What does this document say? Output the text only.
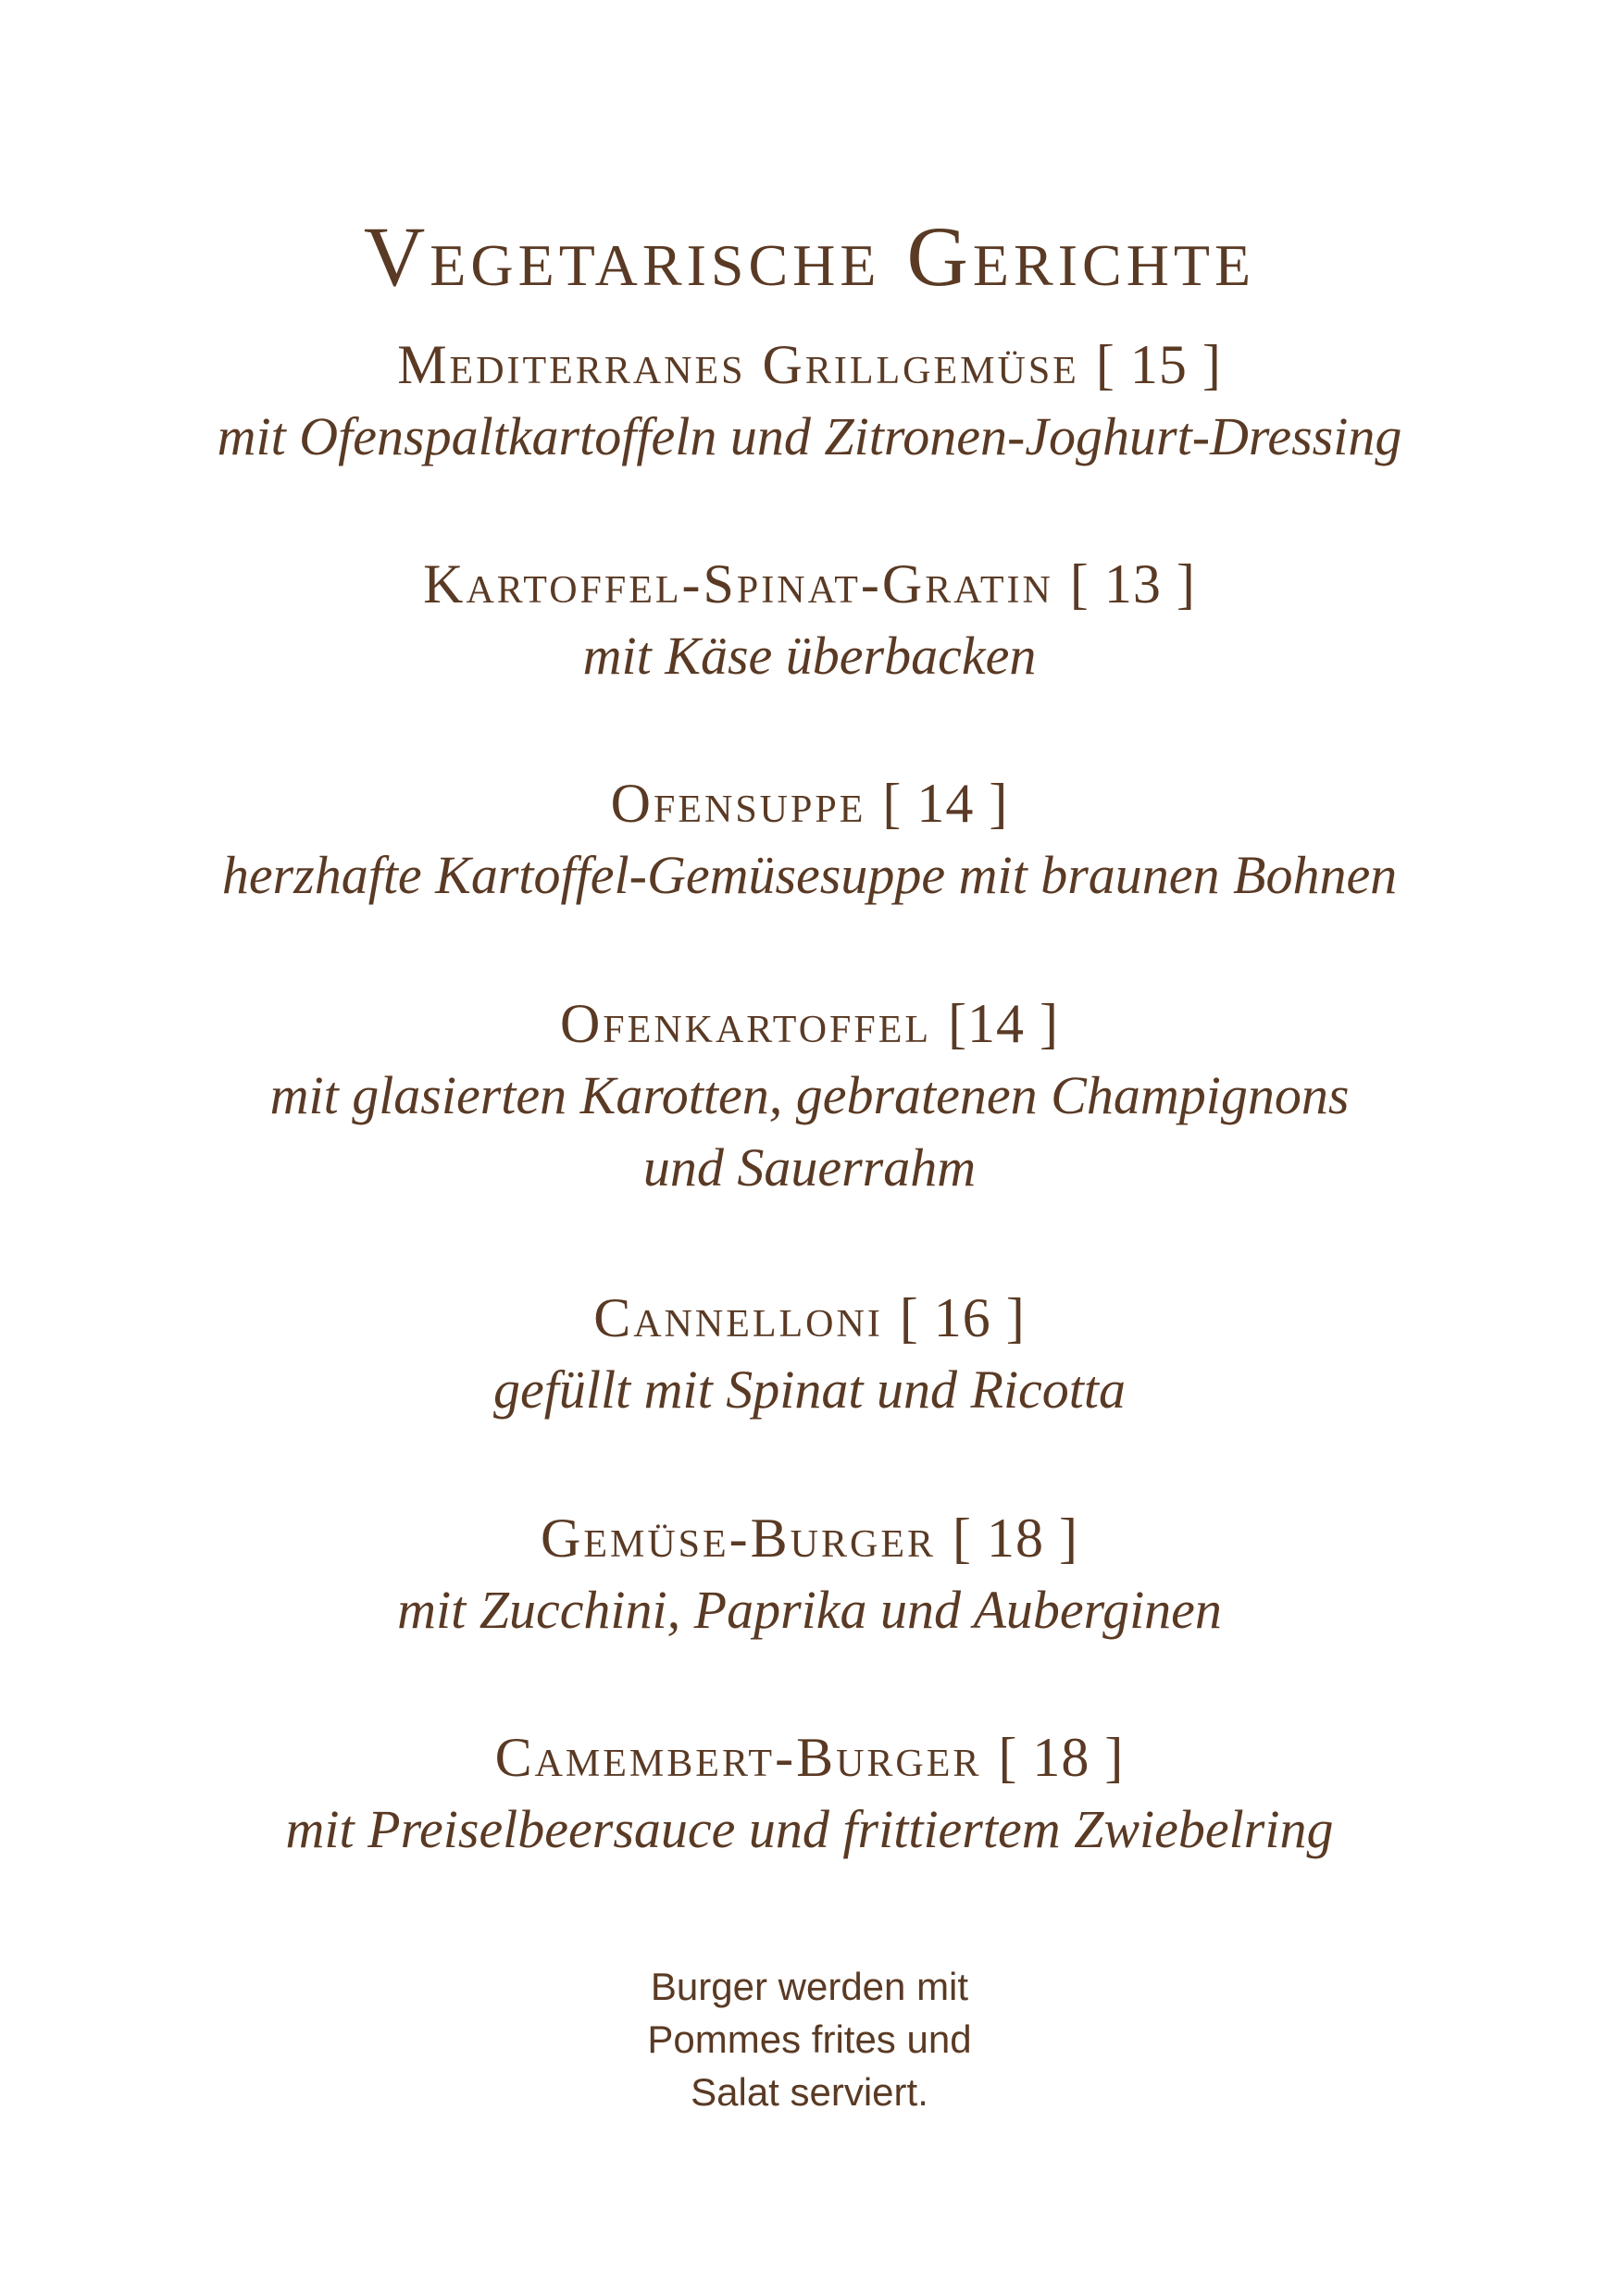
Vegetarische Gerichte
Mediterranes Grillgemüse [ 15 ]
mit Ofenspaltkartoffeln und Zitronen-Joghurt-Dressing
Kartoffel-Spinat-Gratin [ 13 ]
mit Käse überbacken
Ofensuppe [ 14 ]
herzhafte Kartoffel-Gemüsesuppe mit braunen Bohnen
Ofenkartoffel [14 ]
mit glasierten Karotten, gebratenen Champignons
und Sauerrahm
Cannelloni [ 16 ]
gefüllt mit Spinat und Ricotta
Gemüse-Burger [ 18 ]
mit Zucchini, Paprika und Auberginen
Camembert-Burger [ 18 ]
mit Preiselbeersauce und frittiertem Zwiebelring
Burger werden mit
Pommes frites und
Salat serviert.
